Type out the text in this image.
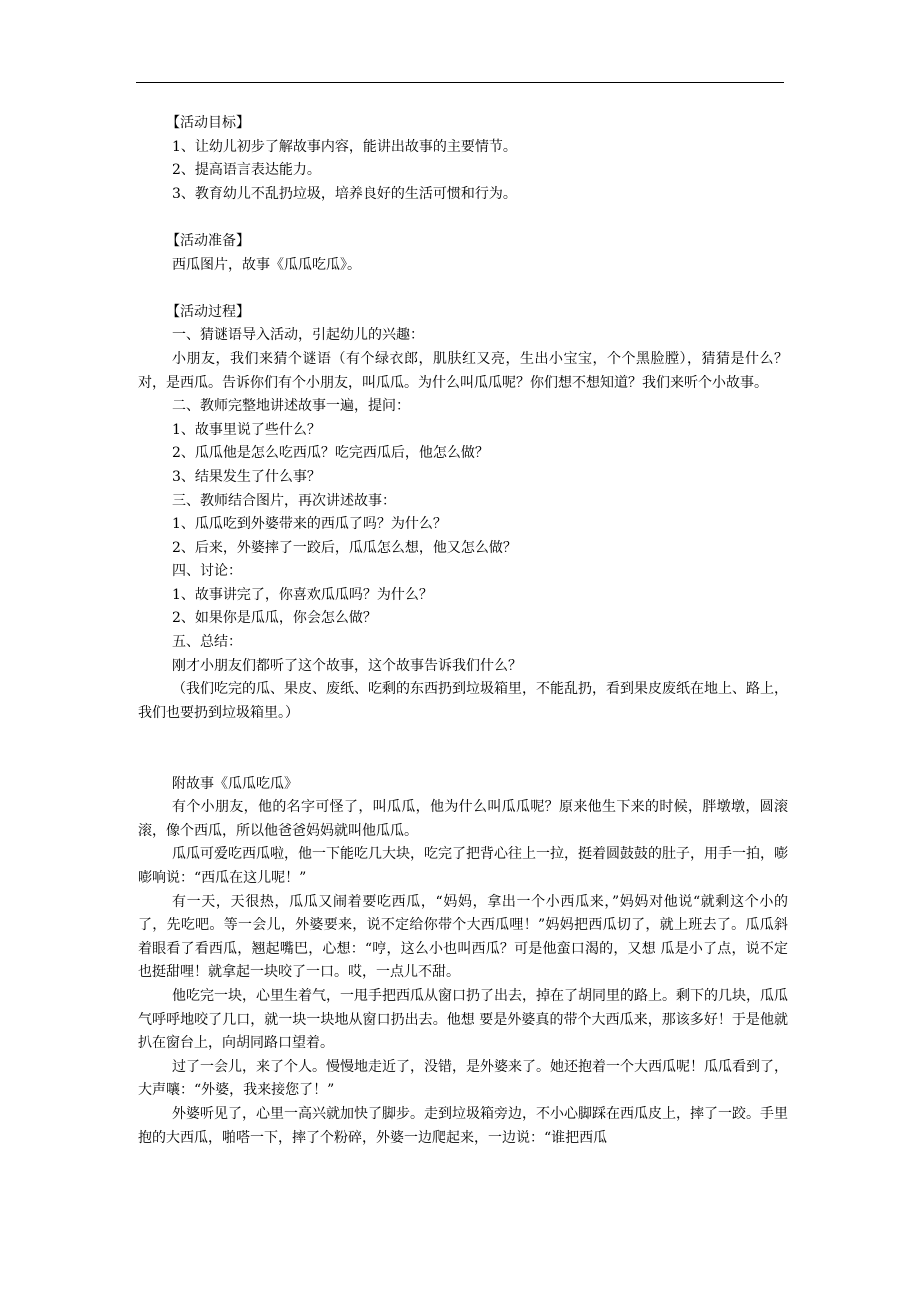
【活动目标】
1、让幼儿初步了解故事内容，能讲出故事的主要情节。
2、提高语言表达能力。
3、教育幼儿不乱扔垃圾，培养良好的生活可惯和行为。
【活动准备】
西瓜图片，故事《瓜瓜吃瓜》。
【活动过程】
一、猜谜语导入活动，引起幼儿的兴趣：
小朋友，我们来猜个谜语（有个绿衣郎，肌肤红又亮，生出小宝宝，个个黑脸膛），猜猜是什么？对，是西瓜。告诉你们有个小朋友，叫瓜瓜。为什么叫瓜瓜呢？你们想不想知道？我们来听个小故事。
二、教师完整地讲述故事一遍，提问：
1、故事里说了些什么？
2、瓜瓜他是怎么吃西瓜？吃完西瓜后，他怎么做？
3、结果发生了什么事？
三、教师结合图片，再次讲述故事：
1、瓜瓜吃到外婆带来的西瓜了吗？为什么？
2、后来，外婆摔了一跤后，瓜瓜怎么想，他又怎么做？
四、讨论：
1、故事讲完了，你喜欢瓜瓜吗？为什么？
2、如果你是瓜瓜，你会怎么做？
五、总结：
刚才小朋友们都听了这个故事，这个故事告诉我们什么？
（我们吃完的瓜、果皮、废纸、吃剩的东西扔到垃圾箱里，不能乱扔，看到果皮废纸在地上、路上，我们也要扔到垃圾箱里。）
附故事《瓜瓜吃瓜》
有个小朋友，他的名字可怪了，叫瓜瓜，他为什么叫瓜瓜呢？原来他生下来的时候，胖墩墩，圆滚滚，像个西瓜，所以他爸爸妈妈就叫他瓜瓜。
瓜瓜可爱吃西瓜啦，他一下能吃几大块，吃完了把背心往上一拉，挺着圆鼓鼓的肚子，用手一拍，嘭嘭响说：“西瓜在这儿呢！”
有一天，天很热，瓜瓜又闹着要吃西瓜，“妈妈，拿出一个小西瓜来，”妈妈对他说“就剩这个小的了，先吃吧。等一会儿，外婆要来，说不定给你带个大西瓜哩！”妈妈把西瓜切了，就上班去了。瓜瓜斜着眼看了看西瓜，翘起嘴巴，心想：“哼，这么小也叫西瓜？可是他蛮口渴的，又想 瓜是小了点，说不定也挺甜哩！就拿起一块咬了一口。哎，一点儿不甜。
他吃完一块，心里生着气，一甩手把西瓜从窗口扔了出去，掉在了胡同里的路上。剩下的几块，瓜瓜气呼呼地咬了几口，就一块一块地从窗口扔出去。他想 要是外婆真的带个大西瓜来，那该多好！于是他就扒在窗台上，向胡同路口望着。
过了一会儿，来了个人。慢慢地走近了，没错，是外婆来了。她还抱着一个大西瓜呢！瓜瓜看到了，大声嚷：“外婆，我来接您了！”
外婆听见了，心里一高兴就加快了脚步。走到垃圾箱旁边，不小心脚踩在西瓜皮上，摔了一跤。手里抱的大西瓜，啪嗒一下，摔了个粉碎，外婆一边爬起来，一边说：“谁把西瓜
